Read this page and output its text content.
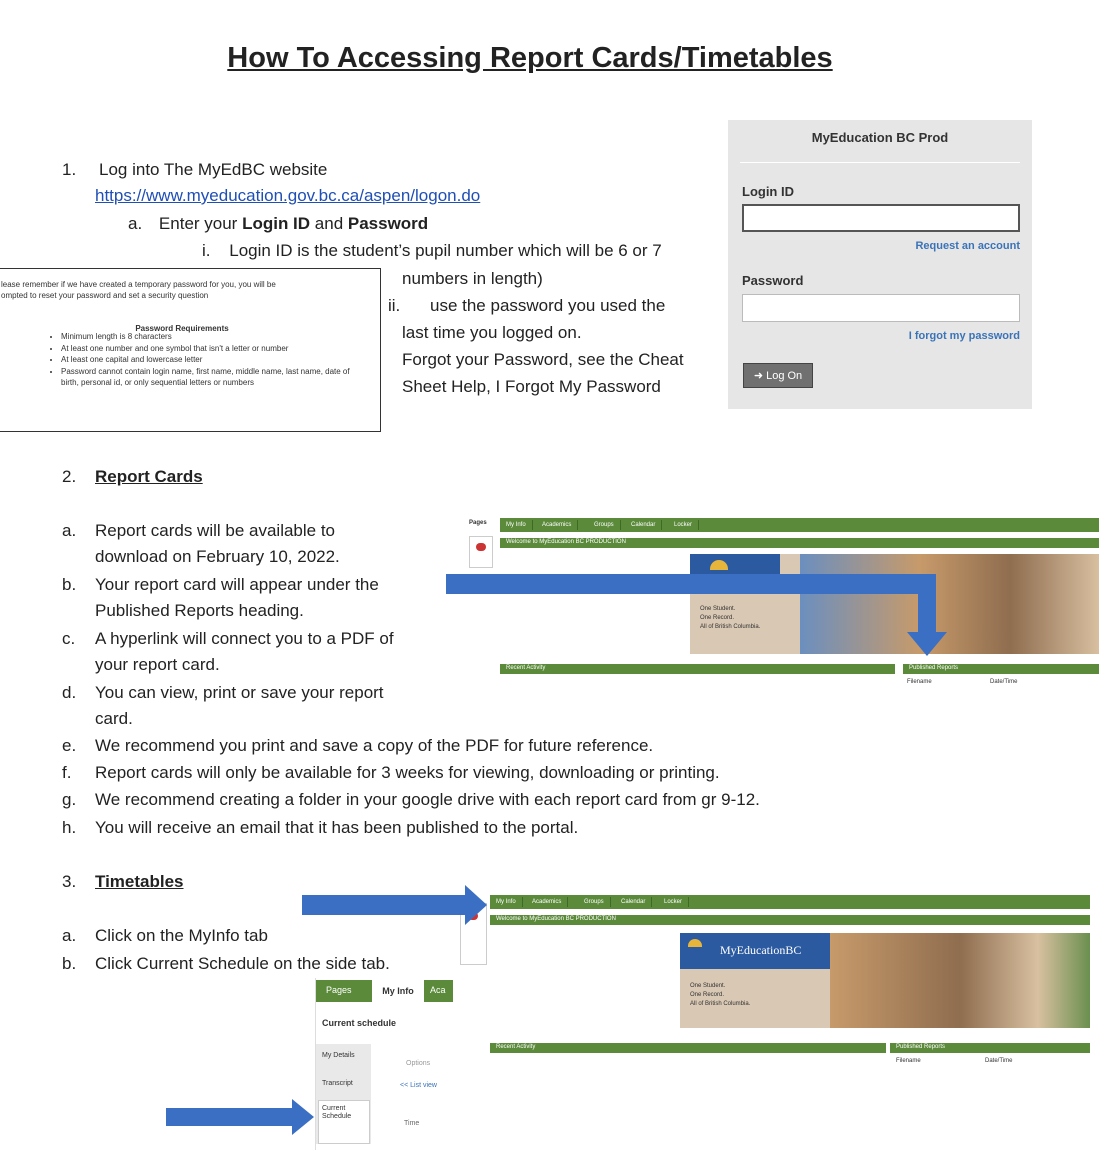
How To Accessing Report Cards/Timetables
1. Log into The MyEdBC website
https://www.myeducation.gov.bc.ca/aspen/logon.do
a. Enter your Login ID and Password
i. Login ID is the student’s pupil number which will be 6 or 7
numbers in length)
ii. use the password you used the
last time you logged on.
Forgot your Password, see the Cheat
Sheet Help, I Forgot My Password
MyEducation BC Prod
Login ID
Request an account
Password
I forgot my password
➜ Log On
lease remember if we have created a temporary password for you, you will be
ompted to reset your password and set a security question
Password Requirements
• Minimum length is 8 characters
• At least one number and one symbol that isn't a letter or number
• At least one capital and lowercase letter
• Password cannot contain login name, first name, middle name, last name, date of birth, personal id, or only sequential letters or numbers
2. Report Cards
a. Report cards will be available to
download on February 10, 2022.
b. Your report card will appear under the
Published Reports heading.
c. A hyperlink will connect you to a PDF of
your report card.
d. You can view, print or save your report
card.
e. We recommend you print and save a copy of the PDF for future reference.
f. Report cards will only be available for 3 weeks for viewing, downloading or printing.
g. We recommend creating a folder in your google drive with each report card from gr 9-12.
h. You will receive an email that it has been published to the portal.
Pages	My Info	Academics	Groups	Calendar	Locker
Welcome to MyEducation BC PRODUCTION
One Student.
One Record.
All of British Columbia.
Recent Activity	Published Reports
Filename	Date/Time
3. Timetables
a. Click on the MyInfo tab
b. Click Current Schedule on the side tab.
My Info	Academics	Groups	Calendar	Locker
Welcome to MyEducation BC PRODUCTION
MyEducationBC
One Student.
One Record.
All of British Columbia.
Recent Activity	Published Reports
Filename	Date/Time
Pages	My Info	Aca
Current schedule
My Details
Transcript
Current Schedule
Options
<< List view
Time
